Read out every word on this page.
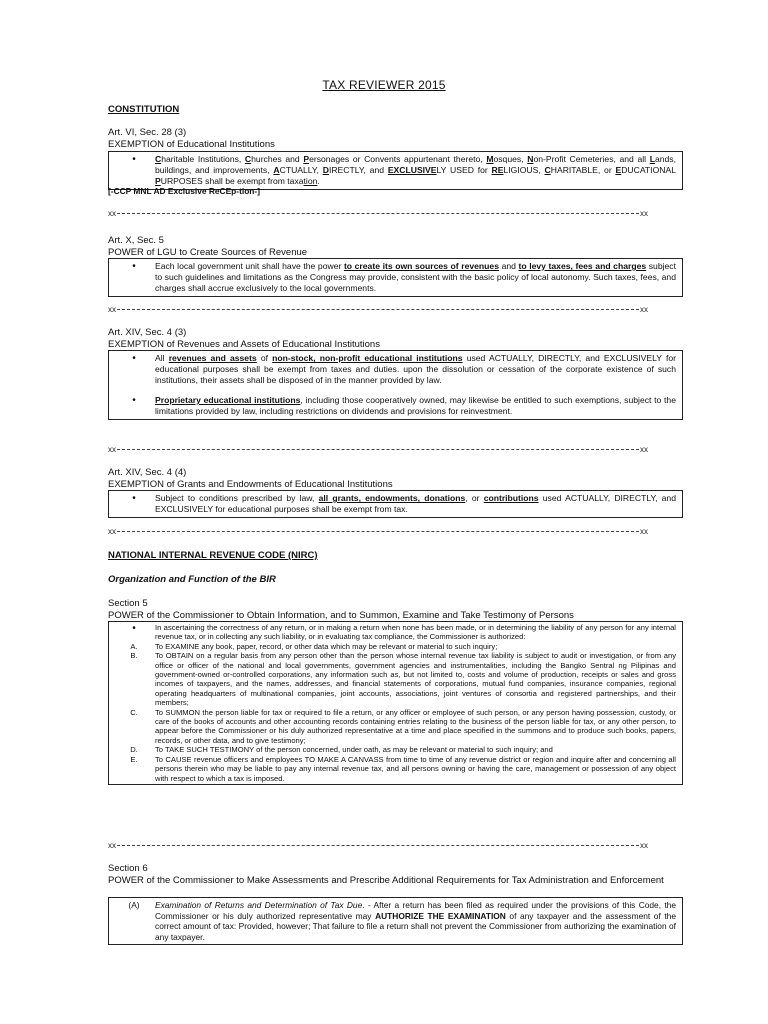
TAX REVIEWER 2015
CONSTITUTION
Art. VI, Sec. 28 (3)
EXEMPTION of Educational Institutions
•	Charitable Institutions, Churches and Personages or Convents appurtenant thereto, Mosques, Non-Profit Cemeteries, and all Lands, buildings, and improvements, ACTUALLY, DIRECTLY, and EXCLUSIVELY USED for RELIGIOUS, CHARITABLE, or EDUCATIONAL PURPOSES shall be exempt from taxation.
[-CCP MNL AD Exclusive ReCEp-tion-]
xx	xx
Art. X, Sec. 5
POWER of LGU to Create Sources of Revenue
•	Each local government unit shall have the power to create its own sources of revenues and to levy taxes, fees and charges subject to such guidelines and limitations as the Congress may provide, consistent with the basic policy of local autonomy. Such taxes, fees, and charges shall accrue exclusively to the local governments.
xx	xx
Art. XIV, Sec. 4 (3)
EXEMPTION of Revenues and Assets of Educational Institutions
•	All revenues and assets of non-stock, non-profit educational institutions used ACTUALLY, DIRECTLY, and EXCLUSIVELY for educational purposes shall be exempt from taxes and duties. upon the dissolution or cessation of the corporate existence of such institutions, their assets shall be disposed of in the manner provided by law.
•	Proprietary educational institutions, including those cooperatively owned, may likewise be entitled to such exemptions, subject to the limitations provided by law, including restrictions on dividends and provisions for reinvestment.
xx	xx
Art. XIV, Sec. 4 (4)
EXEMPTION of Grants and Endowments of Educational Institutions
•	Subject to conditions prescribed by law, all grants, endowments, donations, or contributions used ACTUALLY, DIRECTLY, and EXCLUSIVELY for educational purposes shall be exempt from tax.
xx	xx
NATIONAL INTERNAL REVENUE CODE (NIRC)
Organization and Function of the BIR
Section 5
POWER of the Commissioner to Obtain Information, and to Summon, Examine and Take Testimony of Persons
•	In ascertaining the correctness of any return, or in making a return when none has been made, or in determining the liability of any person for any internal revenue tax, or in collecting any such liability, or in evaluating tax compliance, the Commissioner is authorized:
A.	To EXAMINE any book, paper, record, or other data which may be relevant or material to such inquiry;
B.	To OBTAIN on a regular basis from any person other than the person whose internal revenue tax liability is subject to audit or investigation, or from any office or officer of the national and local governments, government agencies and instrumentalities, including the Bangko Sentral ng Pilipinas and government-owned or-controlled corporations, any information such as, but not limited to, costs and volume of production, receipts or sales and gross incomes of taxpayers, and the names, addresses, and financial statements of corporations, mutual fund companies, insurance companies, regional operating headquarters of multinational companies, joint accounts, associations, joint ventures of consortia and registered partnerships, and their members;
C.	To SUMMON the person liable for tax or required to file a return, or any officer or employee of such person, or any person having possession, custody, or care of the books of accounts and other accounting records containing entries relating to the business of the person liable for tax, or any other person, to appear before the Commissioner or his duly authorized representative at a time and place specified in the summons and to produce such books, papers, records, or other data, and to give testimony;
D.	To TAKE SUCH TESTIMONY of the person concerned, under oath, as may be relevant or material to such inquiry; and
E.	To CAUSE revenue officers and employees TO MAKE A CANVASS from time to time of any revenue district or region and inquire after and concerning all persons therein who may be liable to pay any internal revenue tax, and all persons owning or having the care, management or possession of any object with respect to which a tax is imposed.
xx	xx
Section 6
POWER of the Commissioner to Make Assessments and Prescribe Additional Requirements for Tax Administration and Enforcement
(A)	Examination of Returns and Determination of Tax Due. - After a return has been filed as required under the provisions of this Code, the Commissioner or his duly authorized representative may AUTHORIZE THE EXAMINATION of any taxpayer and the assessment of the correct amount of tax: Provided, however; That failure to file a return shall not prevent the Commissioner from authorizing the examination of any taxpayer.
